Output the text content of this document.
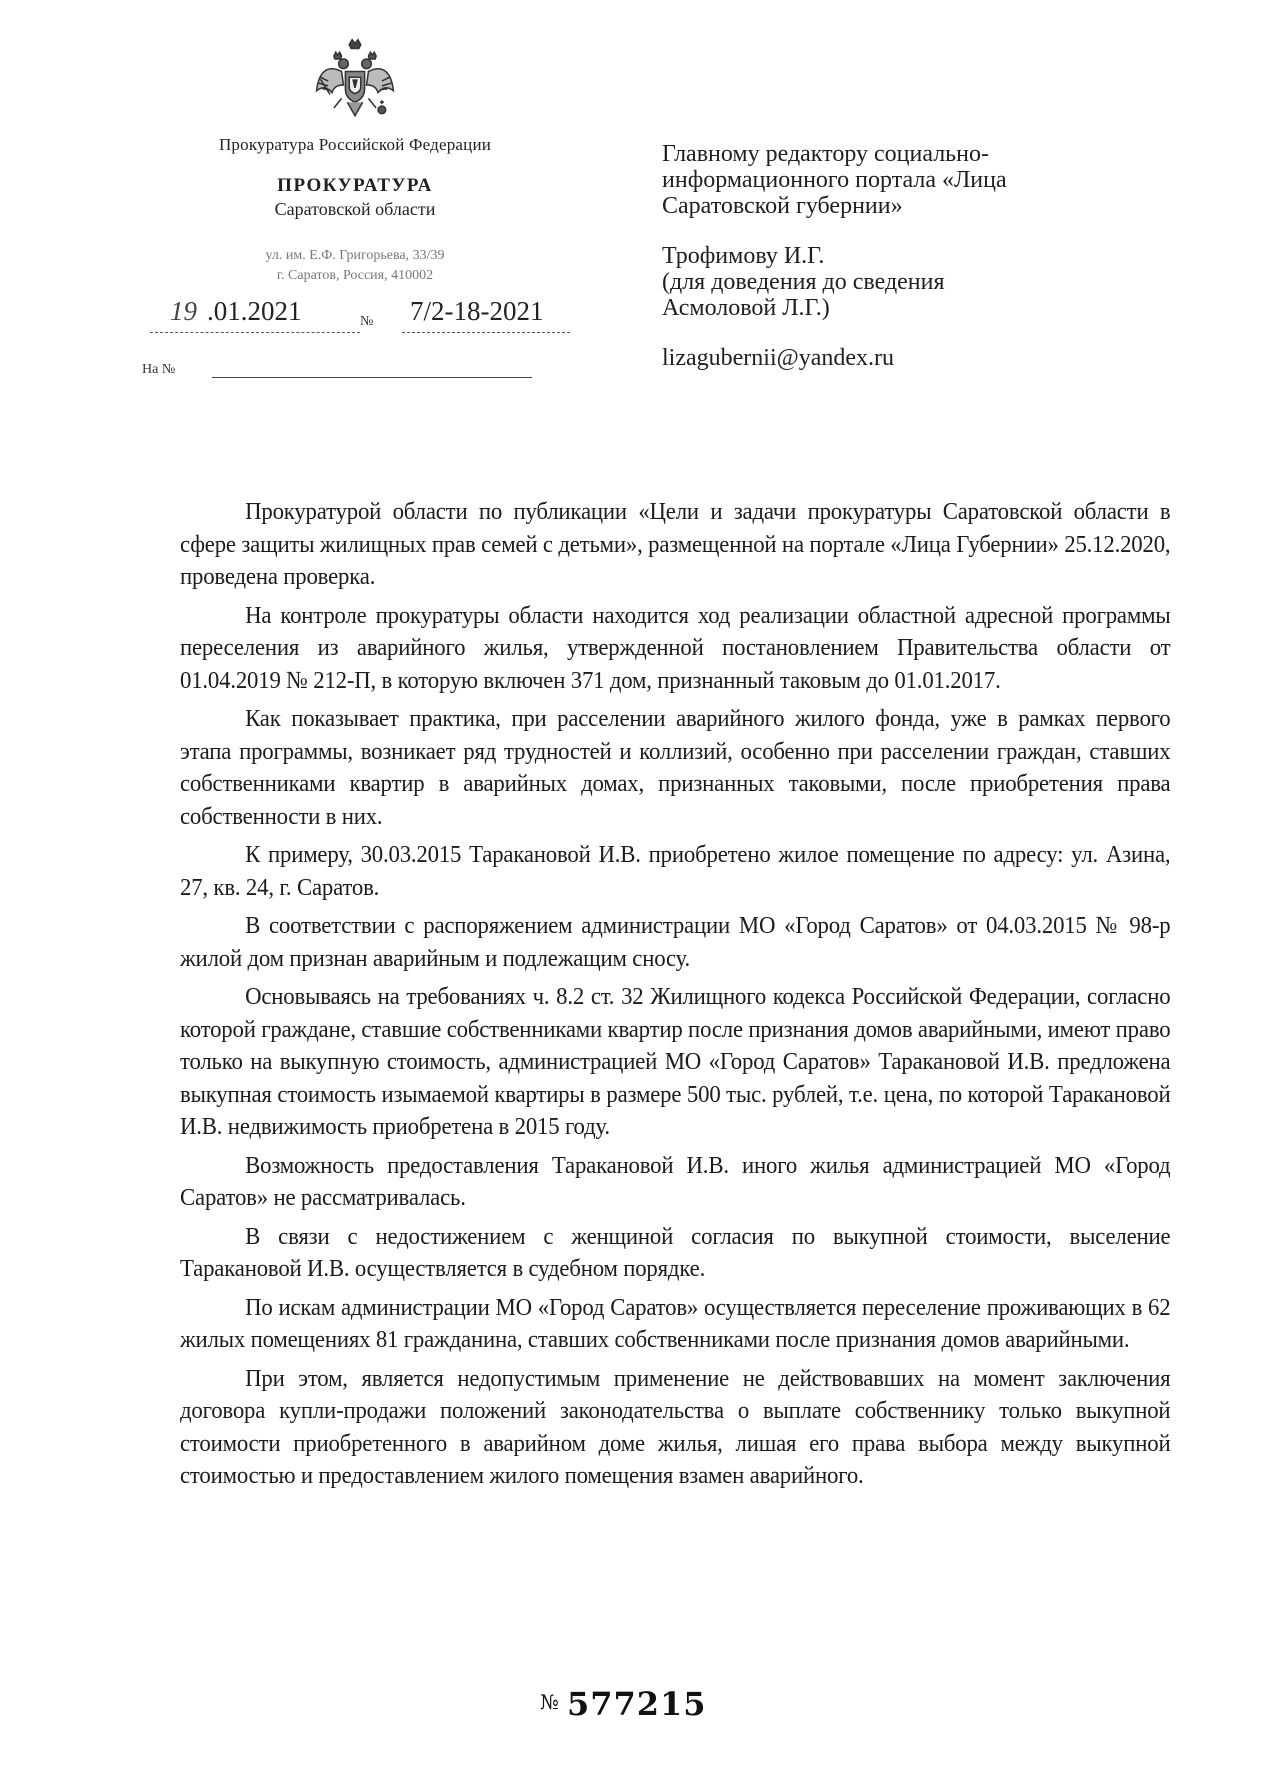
Прокуратура Российской Федерации
ПРОКУРАТУРА
Саратовской области
ул. им. Е.Ф. Григорьева, 33/39
г. Саратов, Россия, 410002
19 .01.2021	№ 7/2-18-2021
На №
Главному редактору социально-
информационного портала «Лица
Саратовской губернии»
Трофимову И.Г.
(для доведения до сведения
Асмоловой Л.Г.)
lizagubernii@yandex.ru

Прокуратурой области по публикации «Цели и задачи прокуратуры Саратовской области в сфере защиты жилищных прав семей с детьми», размещенной на портале «Лица Губернии» 25.12.2020, проведена проверка.

На контроле прокуратуры области находится ход реализации областной адресной программы переселения из аварийного жилья, утвержденной постановлением Правительства области от 01.04.2019 № 212-П, в которую включен 371 дом, признанный таковым до 01.01.2017.

Как показывает практика, при расселении аварийного жилого фонда, уже в рамках первого этапа программы, возникает ряд трудностей и коллизий, особенно при расселении граждан, ставших собственниками квартир в аварийных домах, признанных таковыми, после приобретения права собственности в них.

К примеру, 30.03.2015 Таракановой И.В. приобретено жилое помещение по адресу: ул. Азина, 27, кв. 24, г. Саратов.

В соответствии с распоряжением администрации МО «Город Саратов» от 04.03.2015 № 98-р жилой дом признан аварийным и подлежащим сносу.

Основываясь на требованиях ч. 8.2 ст. 32 Жилищного кодекса Российской Федерации, согласно которой граждане, ставшие собственниками квартир после признания домов аварийными, имеют право только на выкупную стоимость, администрацией МО «Город Саратов» Таракановой И.В. предложена выкупная стоимость изымаемой квартиры в размере 500 тыс. рублей, т.е. цена, по которой Таракановой И.В. недвижимость приобретена в 2015 году.

Возможность предоставления Таракановой И.В. иного жилья администрацией МО «Город Саратов» не рассматривалась.

В связи с недостижением с женщиной согласия по выкупной стоимости, выселение Таракановой И.В. осуществляется в судебном порядке.

По искам администрации МО «Город Саратов» осуществляется переселение проживающих в 62 жилых помещениях 81 гражданина, ставших собственниками после признания домов аварийными.

При этом, является недопустимым применение не действовавших на момент заключения договора купли-продажи положений законодательства о выплате собственнику только выкупной стоимости приобретенного в аварийном доме жилья, лишая его права выбора между выкупной стоимостью и предоставлением жилого помещения взамен аварийного.

№ 577215
